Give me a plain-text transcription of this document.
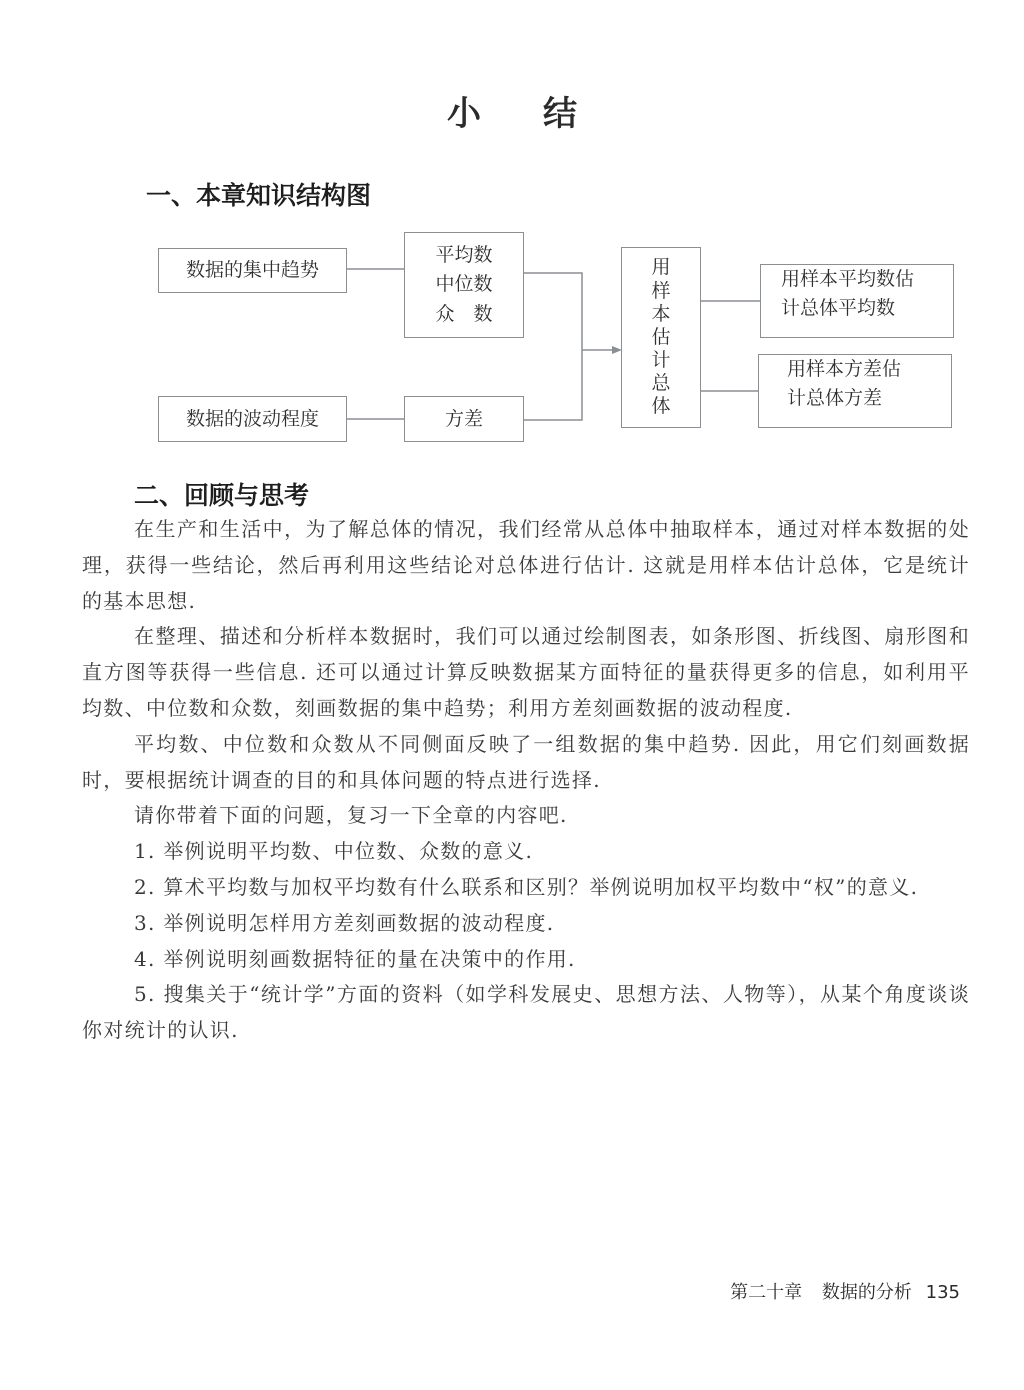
小结
一、本章知识结构图
数据的集中趋势
平均数
中位数
众　数
数据的波动程度	方差
用
样
本
估
计
总
体
用样本平均数估
计总体平均数
用样本方差估
计总体方差
二、回顾与思考

在生产和生活中，为了解总体的情况，我们经常从总体中抽取样本，通过对样本数据的处理，获得一些结论，然后再利用这些结论对总体进行估计. 这就是用样本估计总体，它是统计的基本思想.

在整理、描述和分析样本数据时，我们可以通过绘制图表，如条形图、折线图、扇形图和直方图等获得一些信息. 还可以通过计算反映数据某方面特征的量获得更多的信息，如利用平均数、中位数和众数，刻画数据的集中趋势；利用方差刻画数据的波动程度.

平均数、中位数和众数从不同侧面反映了一组数据的集中趋势. 因此，用它们刻画数据时，要根据统计调查的目的和具体问题的特点进行选择.

请你带着下面的问题，复习一下全章的内容吧.

1. 举例说明平均数、中位数、众数的意义.

2. 算术平均数与加权平均数有什么联系和区别？举例说明加权平均数中“权”的意义.

3. 举例说明怎样用方差刻画数据的波动程度.

4. 举例说明刻画数据特征的量在决策中的作用.

5. 搜集关于“统计学”方面的资料（如学科发展史、思想方法、人物等），从某个角度谈谈你对统计的认识.

第二十章 数据的分析 135
